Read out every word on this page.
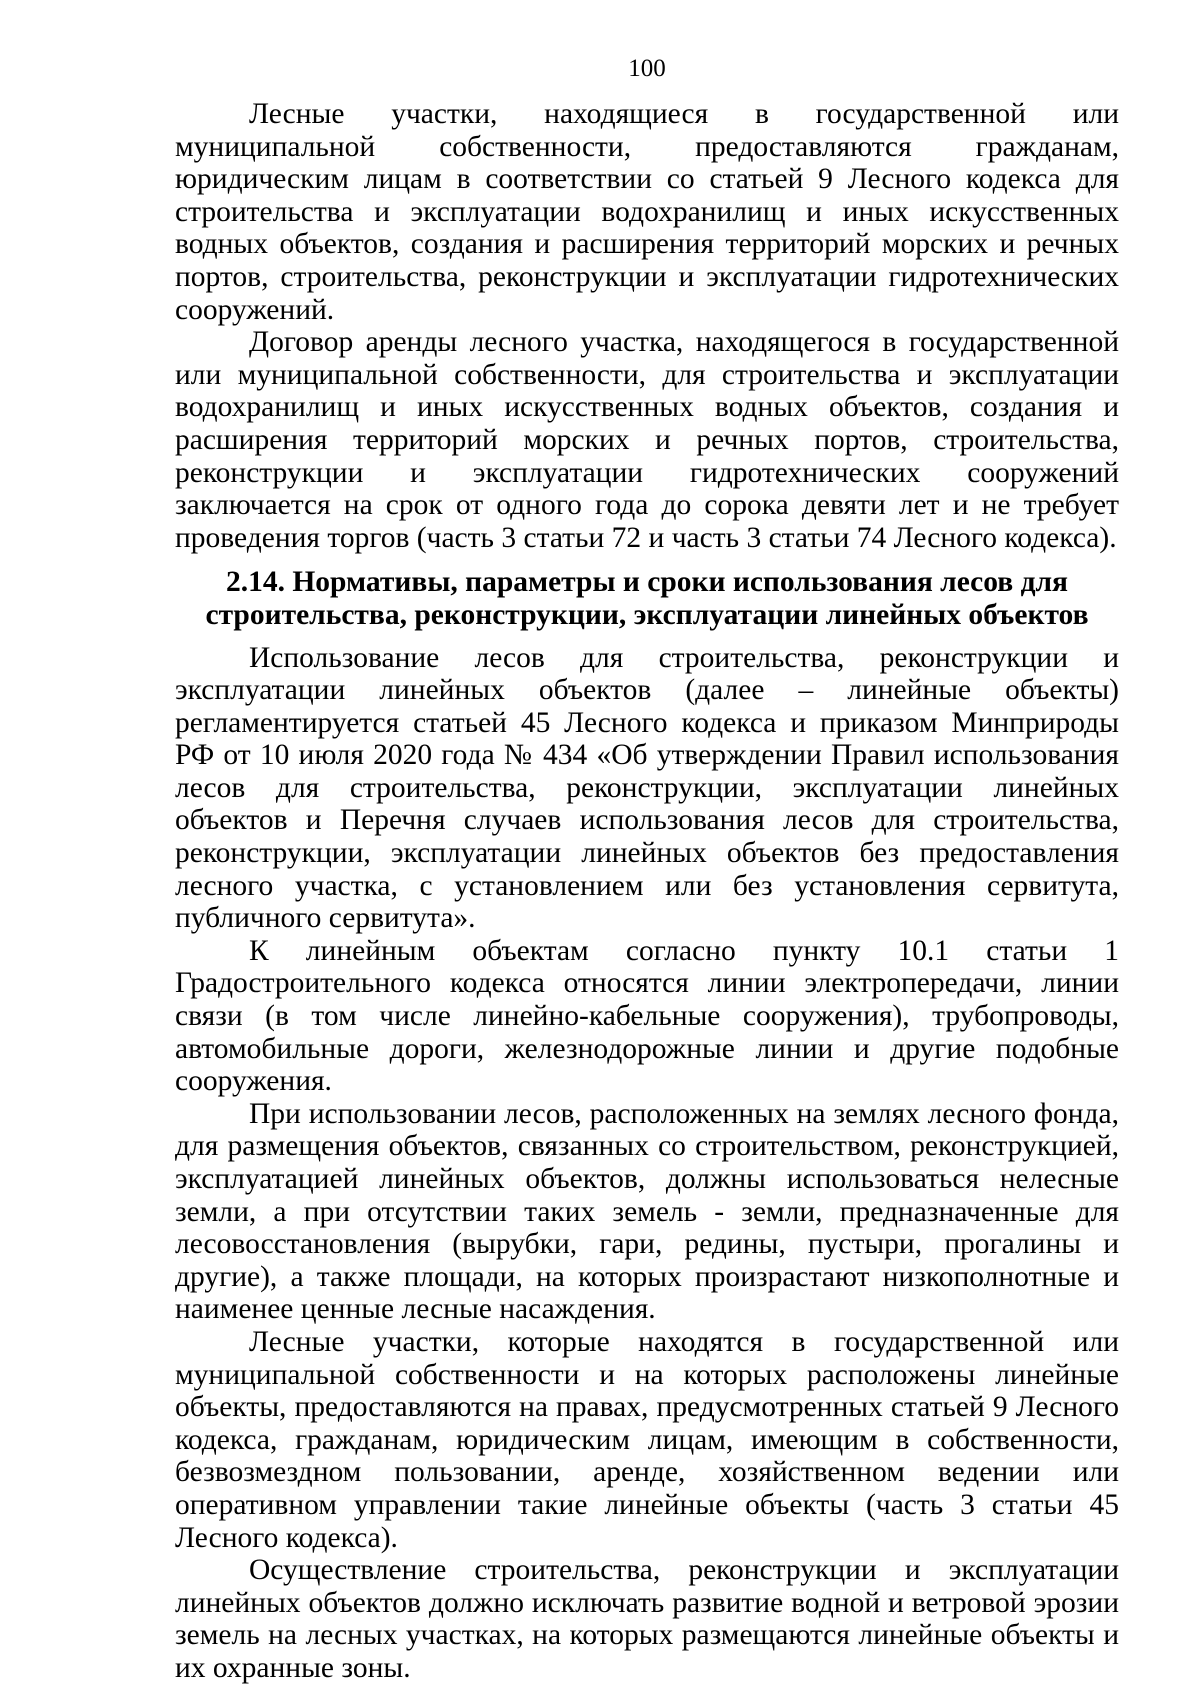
100

Лесные участки, находящиеся в государственной или муниципальной собственности, предоставляются гражданам, юридическим лицам в соответствии со статьей 9 Лесного кодекса для строительства и эксплуатации водохранилищ и иных искусственных водных объектов, создания и расширения территорий морских и речных портов, строительства, реконструкции и эксплуатации гидротехнических сооружений.

Договор аренды лесного участка, находящегося в государственной или муниципальной собственности, для строительства и эксплуатации водохранилищ и иных искусственных водных объектов, создания и расширения территорий морских и речных портов, строительства, реконструкции и эксплуатации гидротехнических сооружений заключается на срок от одного года до сорока девяти лет и не требует проведения торгов (часть 3 статьи 72 и часть 3 статьи 74 Лесного кодекса).

2.14. Нормативы, параметры и сроки использования лесов для
строительства, реконструкции, эксплуатации линейных объектов

Использование лесов для строительства, реконструкции и эксплуатации линейных объектов (далее – линейные объекты) регламентируется статьей 45 Лесного кодекса и приказом Минприроды РФ от 10 июля 2020 года № 434 «Об утверждении Правил использования лесов для строительства, реконструкции, эксплуатации линейных объектов и Перечня случаев использования лесов для строительства, реконструкции, эксплуатации линейных объектов без предоставления лесного участка, с установлением или без установления сервитута, публичного сервитута».

К линейным объектам согласно пункту 10.1 статьи 1 Градостроительного кодекса относятся линии электропередачи, линии связи (в том числе линейно-кабельные сооружения), трубопроводы, автомобильные дороги, железнодорожные линии и другие подобные сооружения.

При использовании лесов, расположенных на землях лесного фонда, для размещения объектов, связанных со строительством, реконструкцией, эксплуатацией линейных объектов, должны использоваться нелесные земли, а при отсутствии таких земель - земли, предназначенные для лесовосстановления (вырубки, гари, редины, пустыри, прогалины и другие), а также площади, на которых произрастают низкополнотные и наименее ценные лесные насаждения.

Лесные участки, которые находятся в государственной или муниципальной собственности и на которых расположены линейные объекты, предоставляются на правах, предусмотренных статьей 9 Лесного кодекса, гражданам, юридическим лицам, имеющим в собственности, безвозмездном пользовании, аренде, хозяйственном ведении или оперативном управлении такие линейные объекты (часть 3 статьи 45 Лесного кодекса).

Осуществление строительства, реконструкции и эксплуатации линейных объектов должно исключать развитие водной и ветровой эрозии земель на лесных участках, на которых размещаются линейные объекты и их охранные зоны.
